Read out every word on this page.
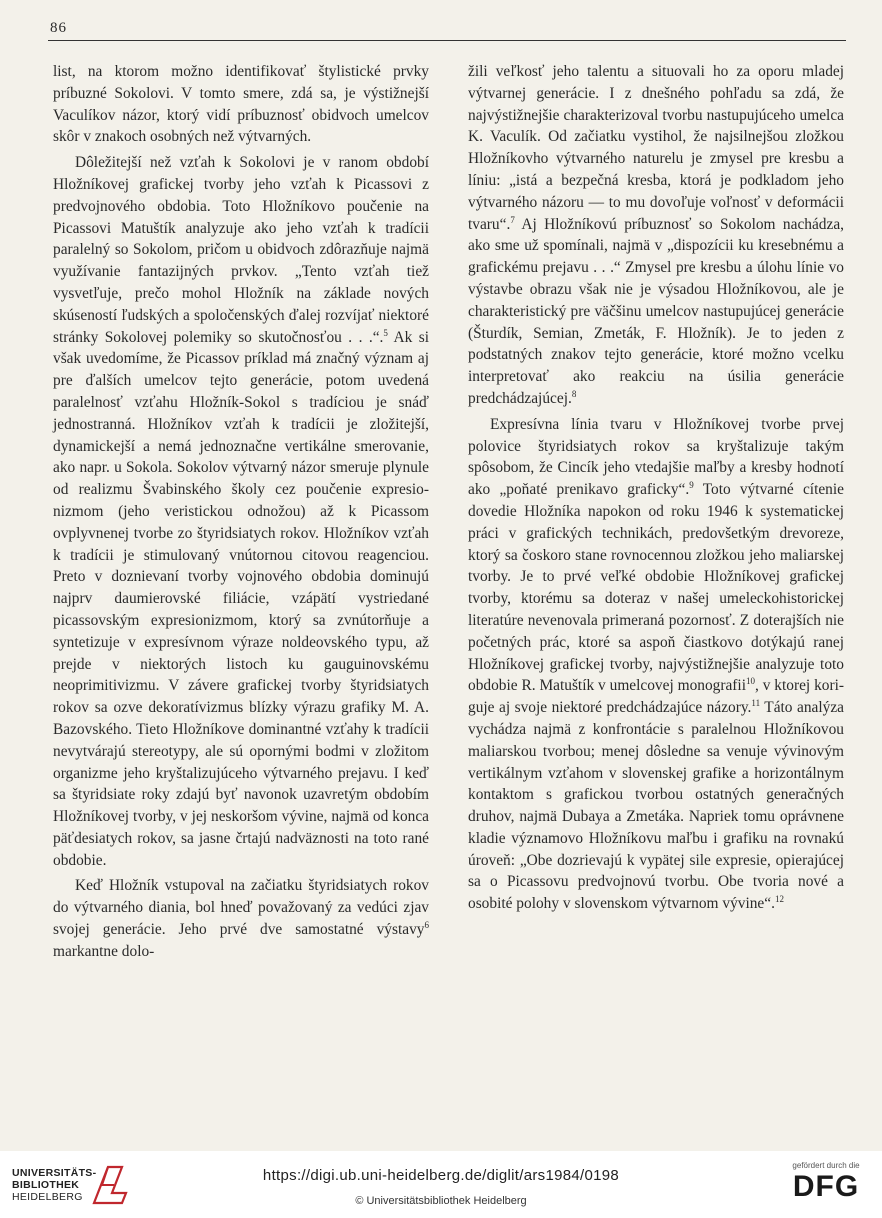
86

list, na ktorom možno identifikovať štylistické prvky príbuzné Sokolovi. V tomto smere, zdá sa, je výstižnejší Vaculíkov názor, ktorý vidí príbuznosť obidvoch umelcov skôr v znakoch osobných než výtvarných.

Dôležitejší než vzťah k Sokolovi je v ranom období Hložníkovej grafickej tvorby jeho vzťah k Picassovi z predvojnového obdobia. Toto Hložníkovo poučenie na Picassovi Matuštík analyzuje ako jeho vzťah k tradícii paralelný so Sokolom, pričom u obidvoch zdôrazňuje najmä využívanie fantazijných prvkov. „Tento vzťah tiež vysvetľuje, prečo mohol Hložník na základe nových skúseností ľudských a spoločenských ďalej rozvíjať niektoré stránky Sokolovej polemiky so skutočnosťou . . .“.$^5$ Ak si však uvedomíme, že Picassov príklad má značný význam aj pre ďalších umelcov tejto generácie, potom uvedená paralelnosť vzťahu Hložník-Sokol s tradíciou je snáď jednostranná. Hložníkov vzťah k tradícii je zložitejší, dynamickejší a nemá jednoznačne vertikálne smerovanie, ako napr. u Sokola. Sokolov výtvarný názor smeruje plynule od realizmu Švabinského školy cez poučenie expresionizmom (jeho veristickou odnožou) až k Picassom ovplyvnenej tvorbe zo štyridsiatych rokov. Hložníkov vzťah k tradícii je stimulovaný vnútornou citovou reagenciou. Preto v doznievaní tvorby vojnového obdobia dominujú najprv daumierovské filiácie, vzápätí vystriedané picassovským expresionizmom, ktorý sa zvnútorňuje a syntetizuje v expresívnom výraze noldeovského typu, až prejde v niektorých listoch ku gauguinovskému neoprimitivizmu. V závere grafickej tvorby štyridsiatych rokov sa ozve dekoratívizmus blízky výrazu grafiky M. A. Bazovského. Tieto Hložníkove dominantné vzťahy k tradícii nevytvárajú stereotypy, ale sú opornými bodmi v zložitom organizme jeho kryštalizujúceho výtvarného prejavu. I keď sa štyridsiate roky zdajú byť navonok uzavretým obdobím Hložníkovej tvorby, v jej neskoršom vývine, najmä od konca päťdesiatych rokov, sa jasne črtajú nadväznosti na toto rané obdobie.

Keď Hložník vstupoval na začiatku štyridsiatych rokov do výtvarného diania, bol hneď považovaný za vedúci zjav svojej generácie. Jeho prvé dve samostatné výstavy$^6$ markantne dolo-

žili veľkosť jeho talentu a situovali ho za oporu mladej výtvarnej generácie. I z dnešného pohľadu sa zdá, že najvýstižnejšie charakterizoval tvorbu nastupujúceho umelca K. Vaculík. Od začiatku vystihol, že najsilnejšou zložkou Hložníkovho výtvarného naturelu je zmysel pre kresbu a líniu: „istá a bezpečná kresba, ktorá je podkladom jeho výtvarného názoru — to mu dovoľuje voľnosť v deformácii tvaru“.$^7$ Aj Hložníkovú príbuznosť so Sokolom nachádza, ako sme už spomínali, najmä v „dispozícii ku kresebnému a grafickému prejavu . . .“ Zmysel pre kresbu a úlohu línie vo výstavbe obrazu však nie je výsadou Hložníkovou, ale je charakteristický pre väčšinu umelcov nastupujúcej generácie (Šturdík, Semian, Zmeták, F. Hložník). Je to jeden z podstatných znakov tejto generácie, ktoré možno vcelku interpretovať ako reakciu na úsilia generácie predchádzajúcej.$^8$

Expresívna línia tvaru v Hložníkovej tvorbe prvej polovice štyridsiatych rokov sa kryštalizuje takým spôsobom, že Cincík jeho vtedajšie maľby a kresby hodnotí ako „poňaté prenikavo graficky“.$^9$ Toto výtvarné cítenie dovedie Hložníka napokon od roku 1946 k systematickej práci v grafických technikách, predovšetkým drevoreze, ktorý sa čoskoro stane rovnocennou zložkou jeho maliarskej tvorby. Je to prvé veľké obdobie Hložníkovej grafickej tvorby, ktorému sa doteraz v našej umeleckohistorickej literatúre nevenovala primeraná pozornosť. Z doterajších nie početných prác, ktoré sa aspoň čiastkovo dotýkajú ranej Hložníkovej grafickej tvorby, najvýstižnejšie analyzuje toto obdobie R. Matuštík v umelcovej monografii$^{10}$, v ktorej koriguje aj svoje niektoré predchádzajúce názory.$^{11}$ Táto analýza vychádza najmä z konfrontácie s paralelnou Hložníkovou maliarskou tvorbou; menej dôsledne sa venuje vývinovým vertikálnym vzťahom v slovenskej grafike a horizontálnym kontaktom s grafickou tvorbou ostatných generačných druhov, najmä Dubaya a Zmetáka. Napriek tomu oprávnene kladie významovo Hložníkovu maľbu i grafiku na rovnakú úroveň: „Obe dozrievajú k vypätej sile expresie, opierajúcej sa o Picassovu predvojnovú tvorbu. Obe tvoria nové a osobité polohy v slovenskom výtvarnom vývine“.$^{12}$

UNIVERSITÄTS-
BIBLIOTHEK
HEIDELBERG
https://digi.ub.uni-heidelberg.de/diglit/ars1984/0198
© Universitätsbibliothek Heidelberg
gefördert durch die
DFG
